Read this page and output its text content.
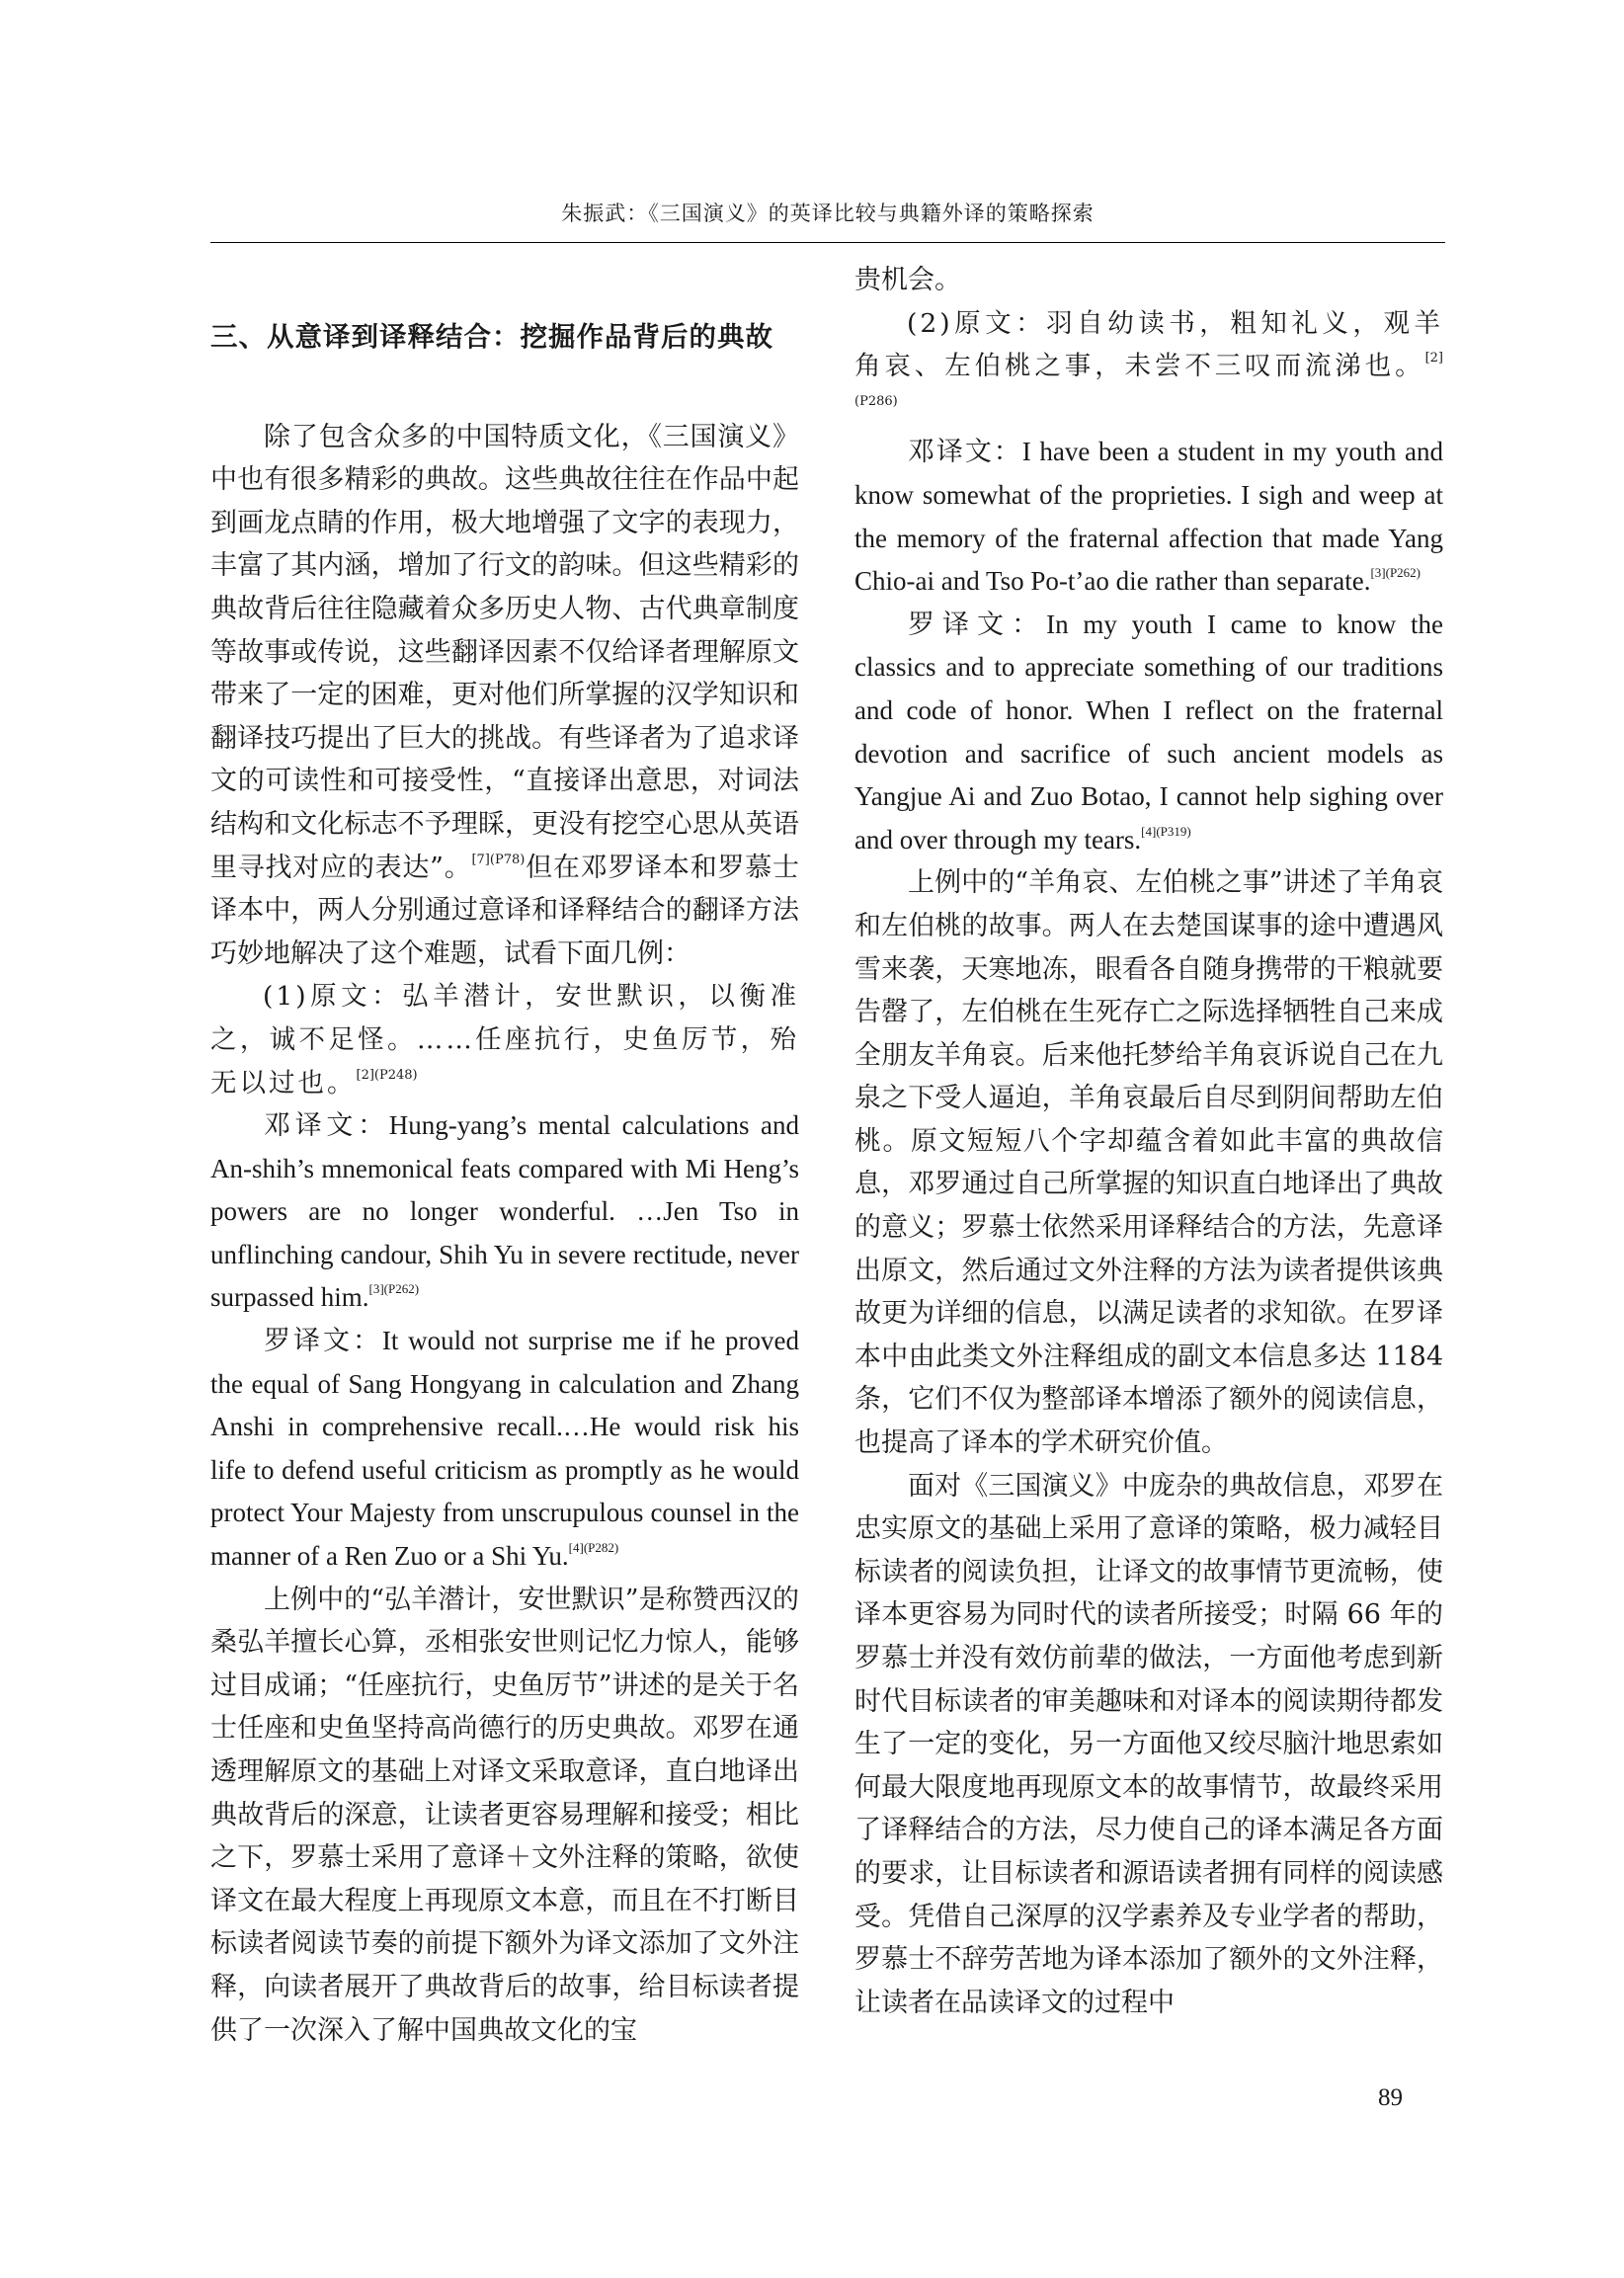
朱振武：《三国演义》的英译比较与典籍外译的策略探索
三、从意译到译释结合：挖掘作品背后的典故

除了包含众多的中国特质文化，《三国演义》中也有很多精彩的典故。这些典故往往在作品中起到画龙点睛的作用，极大地增强了文字的表现力，丰富了其内涵，增加了行文的韵味。但这些精彩的典故背后往往隐藏着众多历史人物、古代典章制度等故事或传说，这些翻译因素不仅给译者理解原文带来了一定的困难，更对他们所掌握的汉学知识和翻译技巧提出了巨大的挑战。有些译者为了追求译文的可读性和可接受性，“直接译出意思，对词法结构和文化标志不予理睬，更没有挖空心思从英语里寻找对应的表达”。$^{[7](P78)}$但在邓罗译本和罗慕士译本中，两人分别通过意译和译释结合的翻译方法巧妙地解决了这个难题，试看下面几例：

(1)原文：弘羊潜计，安世默识，以衡准之，诚不足怪。……任座抗行，史鱼厉节，殆无以过也。$^{[2](P248)}$

邓译文：Hung-yang’s mental calculations and An-shih’s mnemonical feats compared with Mi Heng’s powers are no longer wonderful. …Jen Tso in unflinching candour, Shih Yu in severe rectitude, never surpassed him.$^{[3](P262)}$

罗译文：It would not surprise me if he proved the equal of Sang Hongyang in calculation and Zhang Anshi in comprehensive recall.…He would risk his life to defend useful criticism as promptly as he would protect Your Majesty from unscrupulous counsel in the manner of a Ren Zuo or a Shi Yu.$^{[4](P282)}$

上例中的“弘羊潜计，安世默识”是称赞西汉的桑弘羊擅长心算，丞相张安世则记忆力惊人，能够过目成诵；“任座抗行，史鱼厉节”讲述的是关于名士任座和史鱼坚持高尚德行的历史典故。邓罗在通透理解原文的基础上对译文采取意译，直白地译出典故背后的深意，让读者更容易理解和接受；相比之下，罗慕士采用了意译＋文外注释的策略，欲使译文在最大程度上再现原文本意，而且在不打断目标读者阅读节奏的前提下额外为译文添加了文外注释，向读者展开了典故背后的故事，给目标读者提供了一次深入了解中国典故文化的宝

贵机会。

(2)原文：羽自幼读书，粗知礼义，观羊角哀、左伯桃之事，未尝不三叹而流涕也。$^{[2](P286)}$

邓译文：I have been a student in my youth and know somewhat of the proprieties. I sigh and weep at the memory of the fraternal affection that made Yang Chio-ai and Tso Po-t’ao die rather than separate.$^{[3](P262)}$

罗译文：In my youth I came to know the classics and to appreciate something of our traditions and code of honor. When I reflect on the fraternal devotion and sacrifice of such ancient models as Yangjue Ai and Zuo Botao, I cannot help sighing over and over through my tears.$^{[4](P319)}$

上例中的“羊角哀、左伯桃之事”讲述了羊角哀和左伯桃的故事。两人在去楚国谋事的途中遭遇风雪来袭，天寒地冻，眼看各自随身携带的干粮就要告罄了，左伯桃在生死存亡之际选择牺牲自己来成全朋友羊角哀。后来他托梦给羊角哀诉说自己在九泉之下受人逼迫，羊角哀最后自尽到阴间帮助左伯桃。原文短短八个字却蕴含着如此丰富的典故信息，邓罗通过自己所掌握的知识直白地译出了典故的意义；罗慕士依然采用译释结合的方法，先意译出原文，然后通过文外注释的方法为读者提供该典故更为详细的信息，以满足读者的求知欲。在罗译本中由此类文外注释组成的副文本信息多达 1184 条，它们不仅为整部译本增添了额外的阅读信息，也提高了译本的学术研究价值。

面对《三国演义》中庞杂的典故信息，邓罗在忠实原文的基础上采用了意译的策略，极力减轻目标读者的阅读负担，让译文的故事情节更流畅，使译本更容易为同时代的读者所接受；时隔 66 年的罗慕士并没有效仿前辈的做法，一方面他考虑到新时代目标读者的审美趣味和对译本的阅读期待都发生了一定的变化，另一方面他又绞尽脑汁地思索如何最大限度地再现原文本的故事情节，故最终采用了译释结合的方法，尽力使自己的译本满足各方面的要求，让目标读者和源语读者拥有同样的阅读感受。凭借自己深厚的汉学素养及专业学者的帮助，罗慕士不辞劳苦地为译本添加了额外的文外注释，让读者在品读译文的过程中

89
